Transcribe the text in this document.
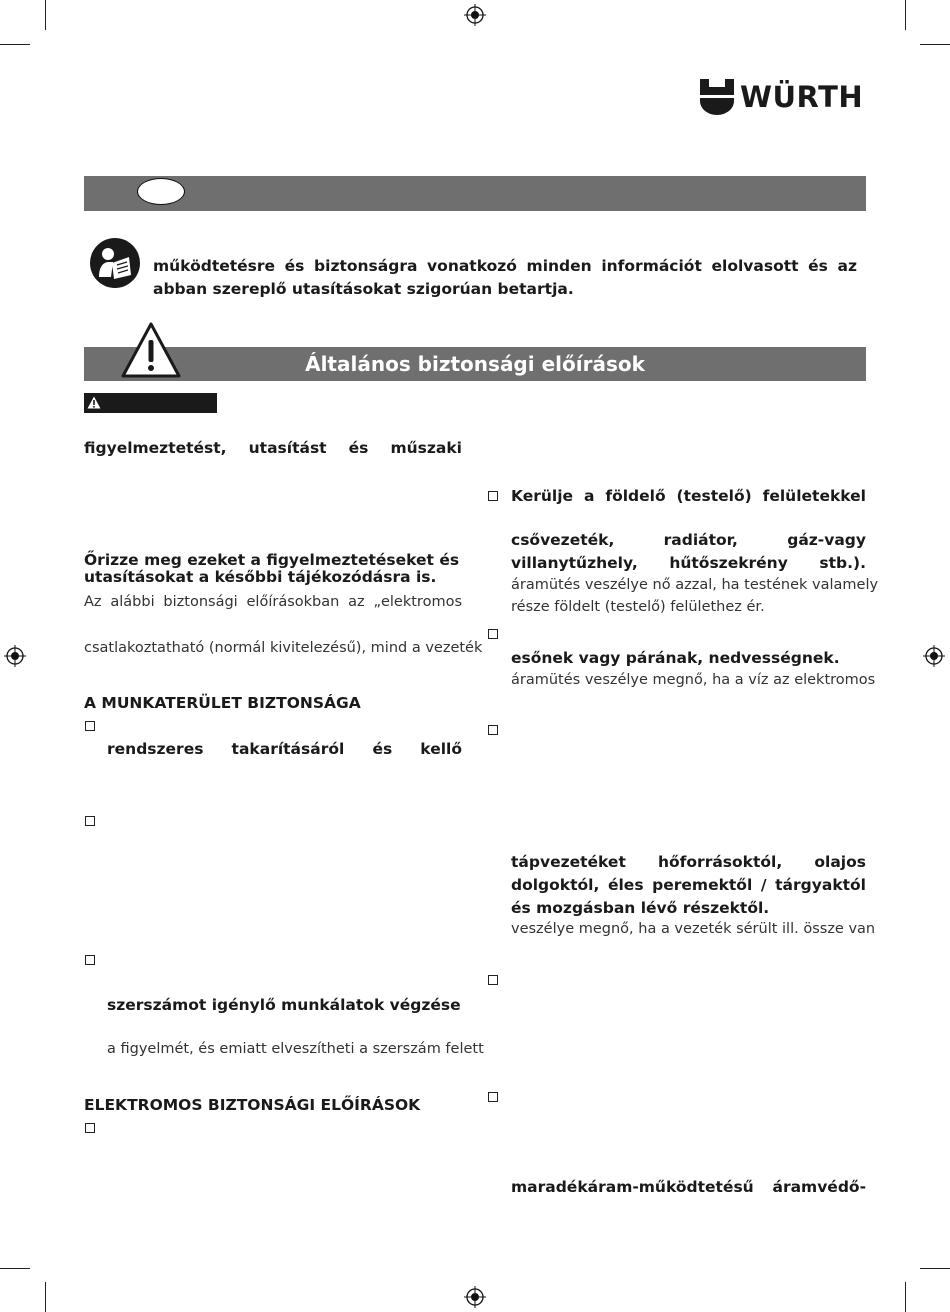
WÜRTH
működtetésre és biztonságra vonatkozó minden információt elolvasott és az
abban szereplő utasításokat szigorúan betartja.
Általános biztonsági előírások
figyelmeztetést, utasítást és műszaki
Őrizze meg ezeket a figyelmeztetéseket és
utasításokat a későbbi tájékozódásra is.
Az alábbi biztonsági előírásokban az „elektromos
csatlakoztatható (normál kivitelezésű), mind a vezeték
A MUNKATERÜLET BIZTONSÁGA
rendszeres takarításáról és kellő
szerszámot igénylő munkálatok végzése
a figyelmét, és emiatt elveszítheti a szerszám felett
ELEKTROMOS BIZTONSÁGI ELŐÍRÁSOK
Kerülje a földelő (testelő) felületekkel
csővezeték, radiátor, gáz-vagy
villanytűzhely, hűtőszekrény stb.).
áramütés veszélye nő azzal, ha testének valamely
része földelt (testelő) felülethez ér.
esőnek vagy párának, nedvességnek.
áramütés veszélye megnő, ha a víz az elektromos
tápvezetéket hőforrásoktól, olajos
dolgoktól, éles peremektől / tárgyaktól
és mozgásban lévő részektől.
veszélye megnő, ha a vezeték sérült ill. össze van
maradékáram-működtetésű áramvédő-
